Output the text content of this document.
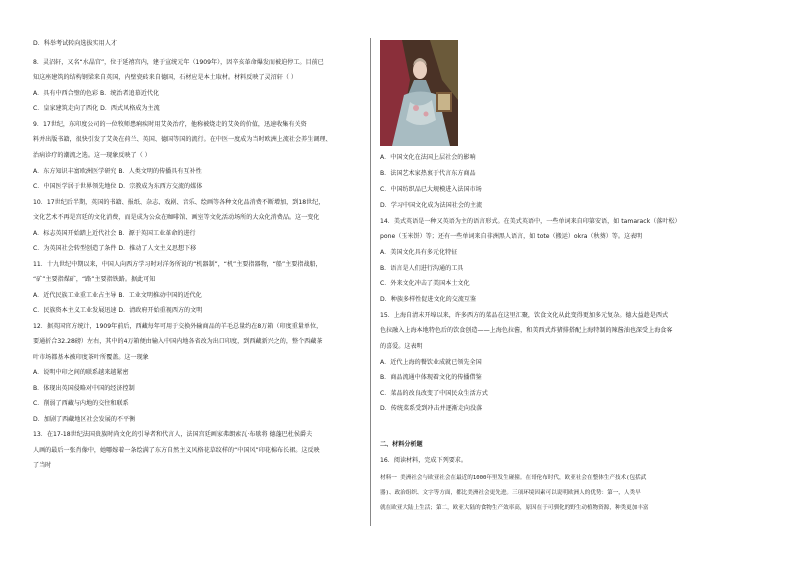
D．科举考试转向选拔实用人才
8．灵沼轩，又名“水晶宫”，位于延禧宫内，建于宣统元年（1909年），因辛亥革命爆发而被迫停工。目前已
知这座建筑的结构钢梁来自英国，内壁瓷砖来自德国，石材应是本土取材。材料反映了灵沼轩（ ）
A．具有中西合璧的色彩 B．统治者追慕近代化
C．皇家建筑走向了西化 D．西式风格成为主流
9．17世纪，东印度公司的一位牧师患痢疾时用艾灸治疗，他称被烧走的艾灸的价值，迅速收集有关资
料并出版书籍，很快引发了艾灸在荷兰、英国、德国等国的流行。在中医一度成为当时欧洲上流社会养生调理、
治病诊疗的潮流之选。这一现象反映了（ ）
A．东方知识丰富欧洲医学研究 B．人类文明的传播具有互补性
C．中国医学居于世界领先地位 D．宗教成为东西方交流的媒体
10．17世纪后半期，英国的书籍、报纸、杂志、戏剧、音乐、绘画等各种文化品消费不断增加，到18世纪，
文化艺术不再是宫廷的文化消费，而是成为公众在咖啡馆、画室等文化活动场所的大众化消费品。这一变化
A．标志英国开始踏上近代社会 B．源于英国工业革命的进行
C．为英国社会转型创造了条件 D．推动了人文主义思想下移
11．十九世纪中期以来，中国人向西方学习时对洋务所说的“机器制”，“机”主要指器物，“船”主要指战船，
“矿”主要指煤矿，“路”主要指铁路。据此可知
A．近代民族工业重工业占主导 B．工业文明推动中国的近代化
C．民族资本主义工业发展迅速 D．清政府开始重视西方的文明
12．据英国官方统计，1909年前后，西藏每年可用于交换外输商品的羊毛总量约在8万箱（印度重量单位，
要通折合32.28磅）左右，其中的4万箱便由输入中国内地各省改为出口印度，到西藏新兴之的，整个西藏茶
叶市场都基本被印度茶叶所覆盖。这一现象
A．说明中印之间的联系越来越紧密
B．体现出英国侵略对中国的经济控制
C．削弱了西藏与内地的交往和联系
D．加剧了西藏地区社会发展的不平衡
13．在17-18世纪法国贵族时尚文化的引导者和代言人，法国宫廷画家弗朗索瓦·布歇将 德蓬巴杜侯爵夫
人画的最后一张肖像中，她哪嫁着一条绘满了东方自然主义风格花草纹样的“中国风”印花棉布长裙。这反映
了当时
A．中国文化在法国上层社会的影响
B．法国艺术家热衷于代言东方商品
C．中国纺织品已大规模进入法国市场
D．学习中国文化成为法国社会的主流
14．美式英语是一种又英语为主的语言形式。在美式英语中，一些单词来自印第安语，如 tamarack（落叶松）
pone（玉米饼）等；还有一些单词来自非洲黑人语言，如 tote（搬运）okra（秋葵）等。这表明
A．美国文化具有多元化特征
B．语言是人们进行沟通的工具
C．外来文化冲击了美国本土文化
D．种族多样性促进文化的交流互鉴
15．上海自清末开埠以来，许多西方的菜品在这里汇聚，饮食文化从此变得更加多元复杂。德大益趁是西式
色拉融入上海本地特色后的饮食创造——上海色拉酱，和美西式炸猪排搭配上海特制的辣酱油也深受上海食客
的喜爱。这表明
A．近代上海的餐饮业成就已领先全国
B．商品流通中体现着文化的传播借鉴
C．菜品的改良改变了中国民众生活方式
D．传统菜系受到冲击并逐渐走向没落
二、材料分析题
16．阅读材料，完成下列要求。
材料一 美洲社会与欧亚社会在最近的1000年里发生碰撞。在哥伦布时代，欧亚社会在整体生产技术(包括武
器)、政治组织、文字等方面，都比美洲社会更先进。三项环境因素可以说明欧洲人的优势：第一，人类早
就在欧亚大陆上生活；第二，欧亚大陆的食物生产效率高，原因在于可驯化的野生动植物资源，种类更加丰富
